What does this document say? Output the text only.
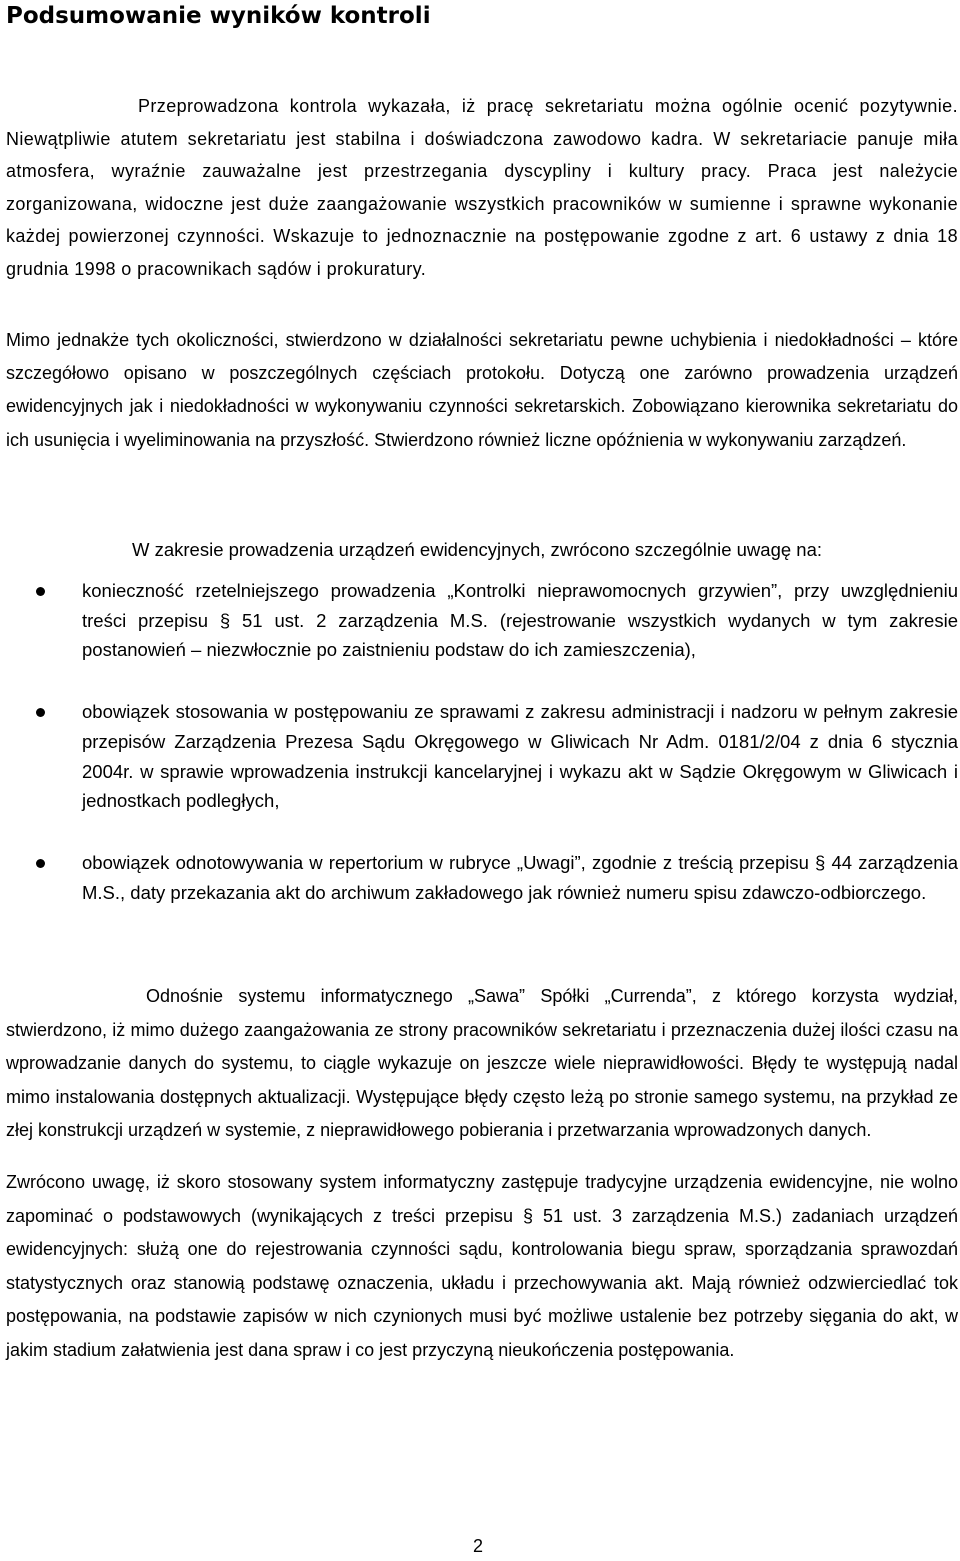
Podsumowanie wyników kontroli

Przeprowadzona kontrola wykazała, iż pracę sekretariatu można ogólnie ocenić pozytywnie. Niewątpliwie atutem sekretariatu jest stabilna i doświadczona zawodowo kadra. W sekretariacie panuje miła atmosfera, wyraźnie zauważalne jest przestrzegania dyscypliny i kultury pracy. Praca jest należycie zorganizowana, widoczne jest duże zaangażowanie wszystkich pracowników w sumienne i sprawne wykonanie każdej powierzonej czynności. Wskazuje to jednoznacznie na postępowanie zgodne z art. 6 ustawy z dnia 18 grudnia 1998 o pracownikach sądów i prokuratury.

Mimo jednakże tych okoliczności, stwierdzono w działalności sekretariatu pewne uchybienia i niedokładności – które szczegółowo opisano w poszczególnych częściach protokołu. Dotyczą one zarówno prowadzenia urządzeń ewidencyjnych jak i niedokładności w wykonywaniu czynności sekretarskich. Zobowiązano kierownika sekretariatu do ich usunięcia i wyeliminowania na przyszłość. Stwierdzono również liczne opóźnienia w wykonywaniu zarządzeń.

W zakresie prowadzenia urządzeń ewidencyjnych, zwrócono szczególnie uwagę na:
konieczność rzetelniejszego prowadzenia „Kontrolki nieprawomocnych grzywien”, przy uwzględnieniu treści przepisu § 51 ust. 2 zarządzenia M.S. (rejestrowanie wszystkich wydanych w tym zakresie postanowień – niezwłocznie po zaistnieniu podstaw do ich zamieszczenia),
obowiązek stosowania w postępowaniu ze sprawami z zakresu administracji i nadzoru w pełnym zakresie przepisów Zarządzenia Prezesa Sądu Okręgowego w Gliwicach Nr Adm. 0181/2/04 z dnia 6 stycznia 2004r. w sprawie wprowadzenia instrukcji kancelaryjnej i wykazu akt w Sądzie Okręgowym w Gliwicach i jednostkach podległych,
obowiązek odnotowywania w repertorium w rubryce „Uwagi”, zgodnie z treścią przepisu § 44 zarządzenia M.S., daty przekazania akt do archiwum zakładowego jak również numeru spisu zdawczo-odbiorczego.

Odnośnie systemu informatycznego „Sawa” Spółki „Currenda”, z którego korzysta wydział, stwierdzono, iż mimo dużego zaangażowania ze strony pracowników sekretariatu i przeznaczenia dużej ilości czasu na wprowadzanie danych do systemu, to ciągle wykazuje on jeszcze wiele nieprawidłowości. Błędy te występują nadal mimo instalowania dostępnych aktualizacji. Występujące błędy często leżą po stronie samego systemu, na przykład ze złej konstrukcji urządzeń w systemie, z nieprawidłowego pobierania i przetwarzania wprowadzonych danych.

Zwrócono uwagę, iż skoro stosowany system informatyczny zastępuje tradycyjne urządzenia ewidencyjne, nie wolno zapominać o podstawowych (wynikających z treści przepisu § 51 ust. 3 zarządzenia M.S.) zadaniach urządzeń ewidencyjnych: służą one do rejestrowania czynności sądu, kontrolowania biegu spraw, sporządzania sprawozdań statystycznych oraz stanowią podstawę oznaczenia, układu i przechowywania akt. Mają również odzwierciedlać tok postępowania, na podstawie zapisów w nich czynionych musi być możliwe ustalenie bez potrzeby sięgania do akt, w jakim stadium załatwienia jest dana spraw i co jest przyczyną nieukończenia postępowania.

2
